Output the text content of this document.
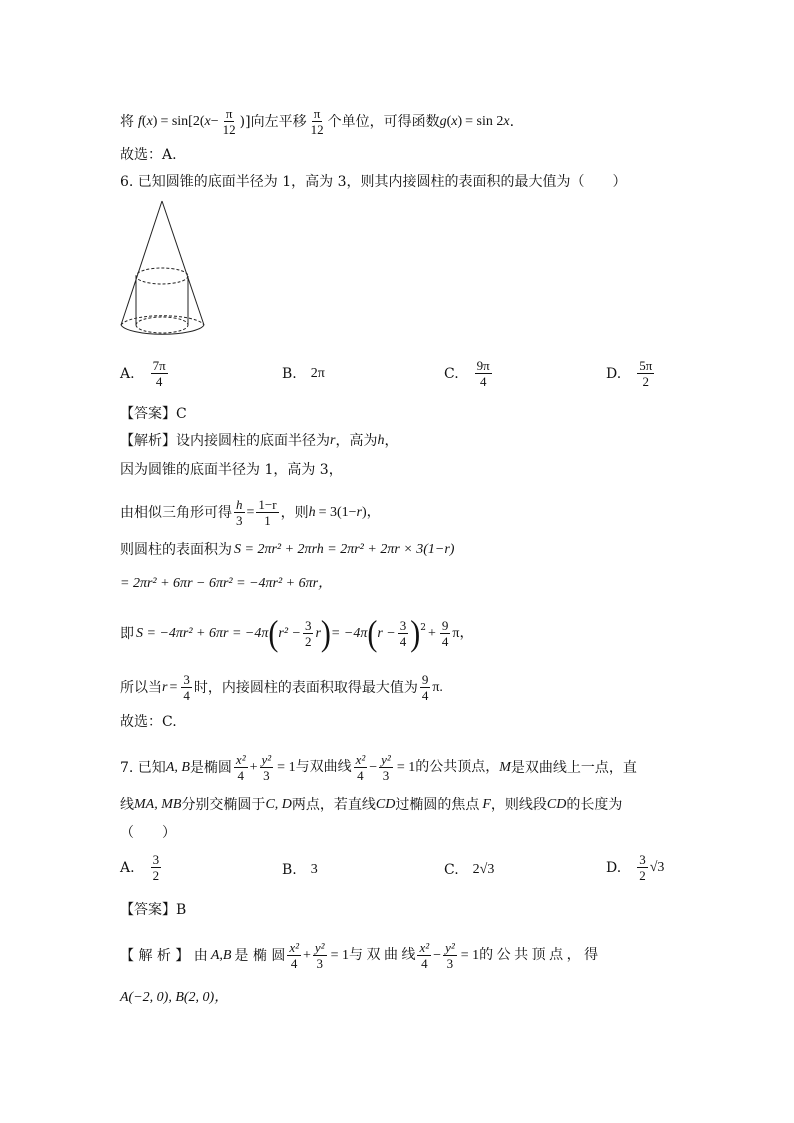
将 f ( x ) = sin[2( $x - \frac{\pi}{12}$ )]向左平移 $\frac{\pi}{12}$ 个单位，可得函数 g ( x ) = sin 2 x .
故选：A.
6. 已知圆锥的底面半径为 1，高为 3，则其内接圆柱的表面积的最大值为（　　）
A. $\frac{7\pi}{4}$	B. 2π	C. $\frac{9\pi}{4}$	D. $\frac{5\pi}{2}$
【答案】C
【解析】设内接圆柱的底面半径为 r ，高为 h ，
因为圆锥的底面半径为 1，高为 3，
由相似三角形可得 $\frac{h}{3} = \frac{1-r}{1}$ ，则 h = 3(1− r )，
则圆柱的表面积为 S = 2πr² + 2πrh = 2πr² + 2πr × 3(1−r)
= 2πr² + 6πr − 6πr² = −4πr² + 6πr，
即 S = −4πr² + 6πr = −4π ( $r^2 - \frac{3}{2}$ r ) = −4π ( $r - \frac{3}{4}$ ) $2 + \frac{9}{4}$ π，
所以当 $r = \frac{3}{4}$ 时，内接圆柱的表面积取得最大值为 $\frac{9}{4} \pi$.
故选：C.
7. 已知 A, B 是椭圆 $\frac{\text{x²}}{4} + \frac{\text{y²}}{3} = 1$与双曲线 $\frac{\text{x²}}{4} - \frac{\text{y²}}{3} = 1$的公共顶点， M 是双曲线上一点，直
线 MA, MB 分别交椭圆于 C, D 两点，若直线 CD 过椭圆的焦点 F ，则线段 CD 的长度为
（　　）
A. $\frac{3}{2}$	B. 3	C. 2√3	D. $\frac{3}{2} √3$
【答案】B
【 解 析 】 由 A,B 是 椭 圆 $\frac{\text{x²}}{4} + \frac{\text{y²}}{3} = 1$与 双 曲 线 $\frac{\text{x²}}{4} - \frac{\text{y²}}{3} = 1$的 公 共 顶 点 ， 得
A(−2, 0), B(2, 0)，
